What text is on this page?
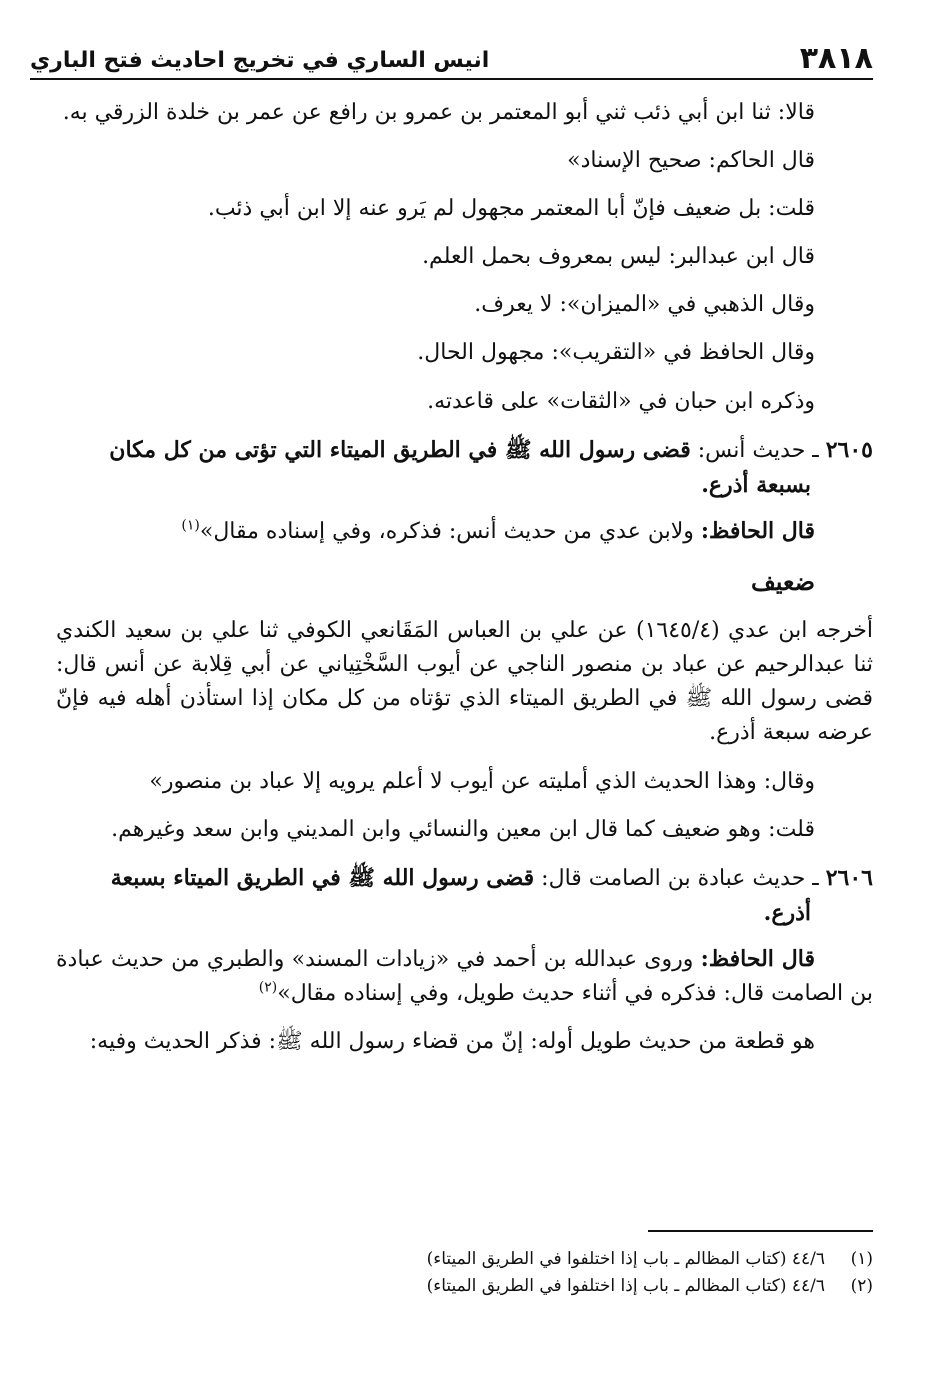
٣٨١٨
انيس الساري في تخريج احاديث فتح الباري

قالا: ثنا ابن أبي ذئب ثني أبو المعتمر بن عمرو بن رافع عن عمر بن خلدة الزرقي به.

قال الحاكم: صحيح الإسناد»

قلت: بل ضعيف فإنّ أبا المعتمر مجهول لم يَرو عنه إلا ابن أبي ذئب.

قال ابن عبدالبر: ليس بمعروف بحمل العلم.

وقال الذهبي في «الميزان»: لا يعرف.

وقال الحافظ في «التقريب»: مجهول الحال.

وذكره ابن حبان في «الثقات» على قاعدته.

٢٦٠٥ ـ حديث أنس: قضى رسول الله ﷺ في الطريق الميتاء التي تؤتى من كل مكان
بسبعة أذرع.

قال الحافظ: ولابن عدي من حديث أنس: فذكره، وفي إسناده مقال»$^{(١)}$

ضعيف

أخرجه ابن عدي (١٦٤٥/٤) عن علي بن العباس المَقَانعي الكوفي ثنا علي بن سعيد الكندي ثنا عبدالرحيم عن عباد بن منصور الناجي عن أيوب السَّخْتِياني عن أبي قِلابة عن أنس قال: قضى رسول الله ﷺ في الطريق الميتاء الذي تؤتاه من كل مكان إذا استأذن أهله فيه فإنّ عرضه سبعة أذرع.

وقال: وهذا الحديث الذي أمليته عن أيوب لا أعلم يرويه إلا عباد بن منصور»

قلت: وهو ضعيف كما قال ابن معين والنسائي وابن المديني وابن سعد وغيرهم.

٢٦٠٦ ـ حديث عبادة بن الصامت قال: قضى رسول الله ﷺ في الطريق الميتاء بسبعة
أذرع.

قال الحافظ: وروى عبدالله بن أحمد في «زيادات المسند» والطبري من حديث عبادة بن الصامت قال: فذكره في أثناء حديث طويل، وفي إسناده مقال»$^{(٢)}$

هو قطعة من حديث طويل أوله: إنّ من قضاء رسول الله ﷺ: فذكر الحديث وفيه:

(١)
٤٤/٦ (كتاب المظالم ـ باب إذا اختلفوا في الطريق الميتاء)
(٢)
٤٤/٦ (كتاب المظالم ـ باب إذا اختلفوا في الطريق الميتاء)
